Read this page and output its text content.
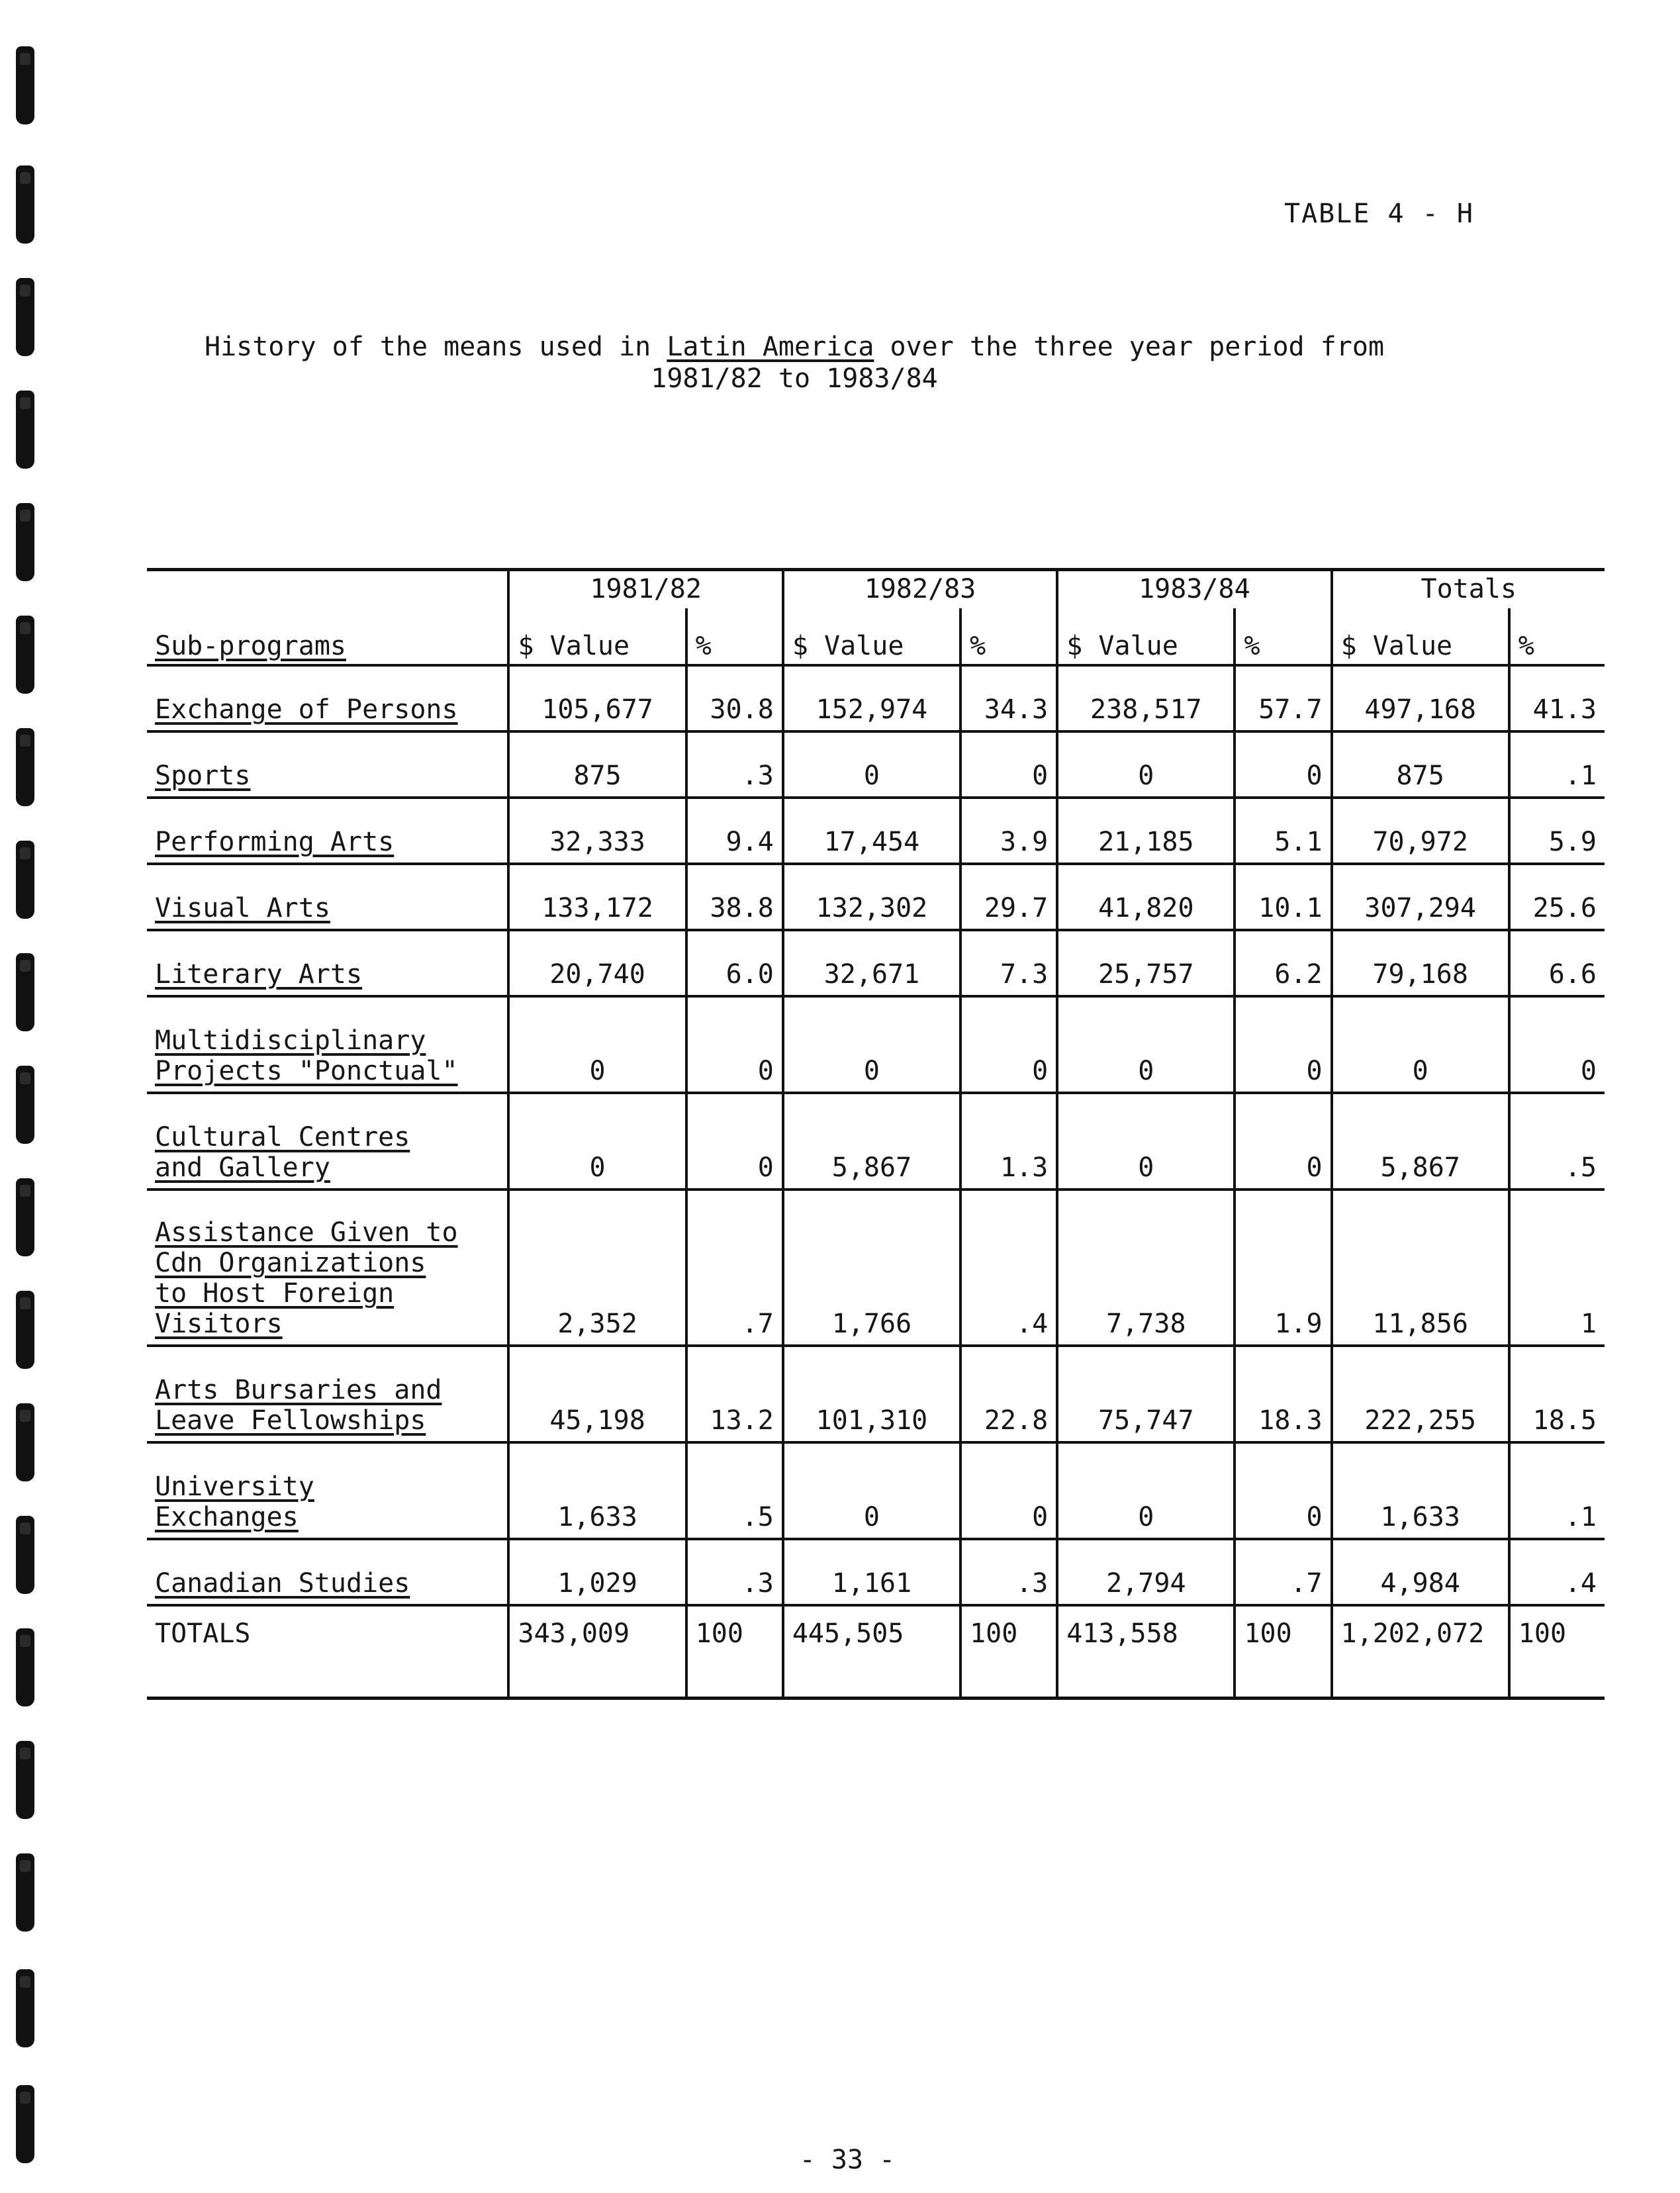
TABLE 4 - H
History of the means used in Latin America over the three year period from
1981/82 to 1983/84
	1981/82		1982/83		1983/84		Totals	
Sub-programs	$ Value	%	$ Value	%	$ Value	%	$ Value	%

Exchange of Persons	105,677	30.8	152,974	34.3	238,517	57.7	497,168	41.3

Sports	875	.3	0	0	0	0	875	.1

Performing Arts	32,333	9.4	17,454	3.9	21,185	5.1	70,972	5.9

Visual Arts	133,172	38.8	132,302	29.7	41,820	10.1	307,294	25.6

Literary Arts	20,740	6.0	32,671	7.3	25,757	6.2	79,168	6.6

Multidisciplinary
Projects "Ponctual"	0	0	0	0	0	0	0	0

Cultural Centres
and Gallery	0	0	5,867	1.3	0	0	5,867	.5

Assistance Given to
Cdn Organizations
to Host Foreign
Visitors	2,352	.7	1,766	.4	7,738	1.9	11,856	1

Arts Bursaries and
Leave Fellowships	45,198	13.2	101,310	22.8	75,747	18.3	222,255	18.5

University
Exchanges	1,633	.5	0	0	0	0	1,633	.1

Canadian Studies	1,029	.3	1,161	.3	2,794	.7	4,984	.4
TOTALS	343,009	100	445,505	100	413,558	100	1,202,072	100
- 33 -
